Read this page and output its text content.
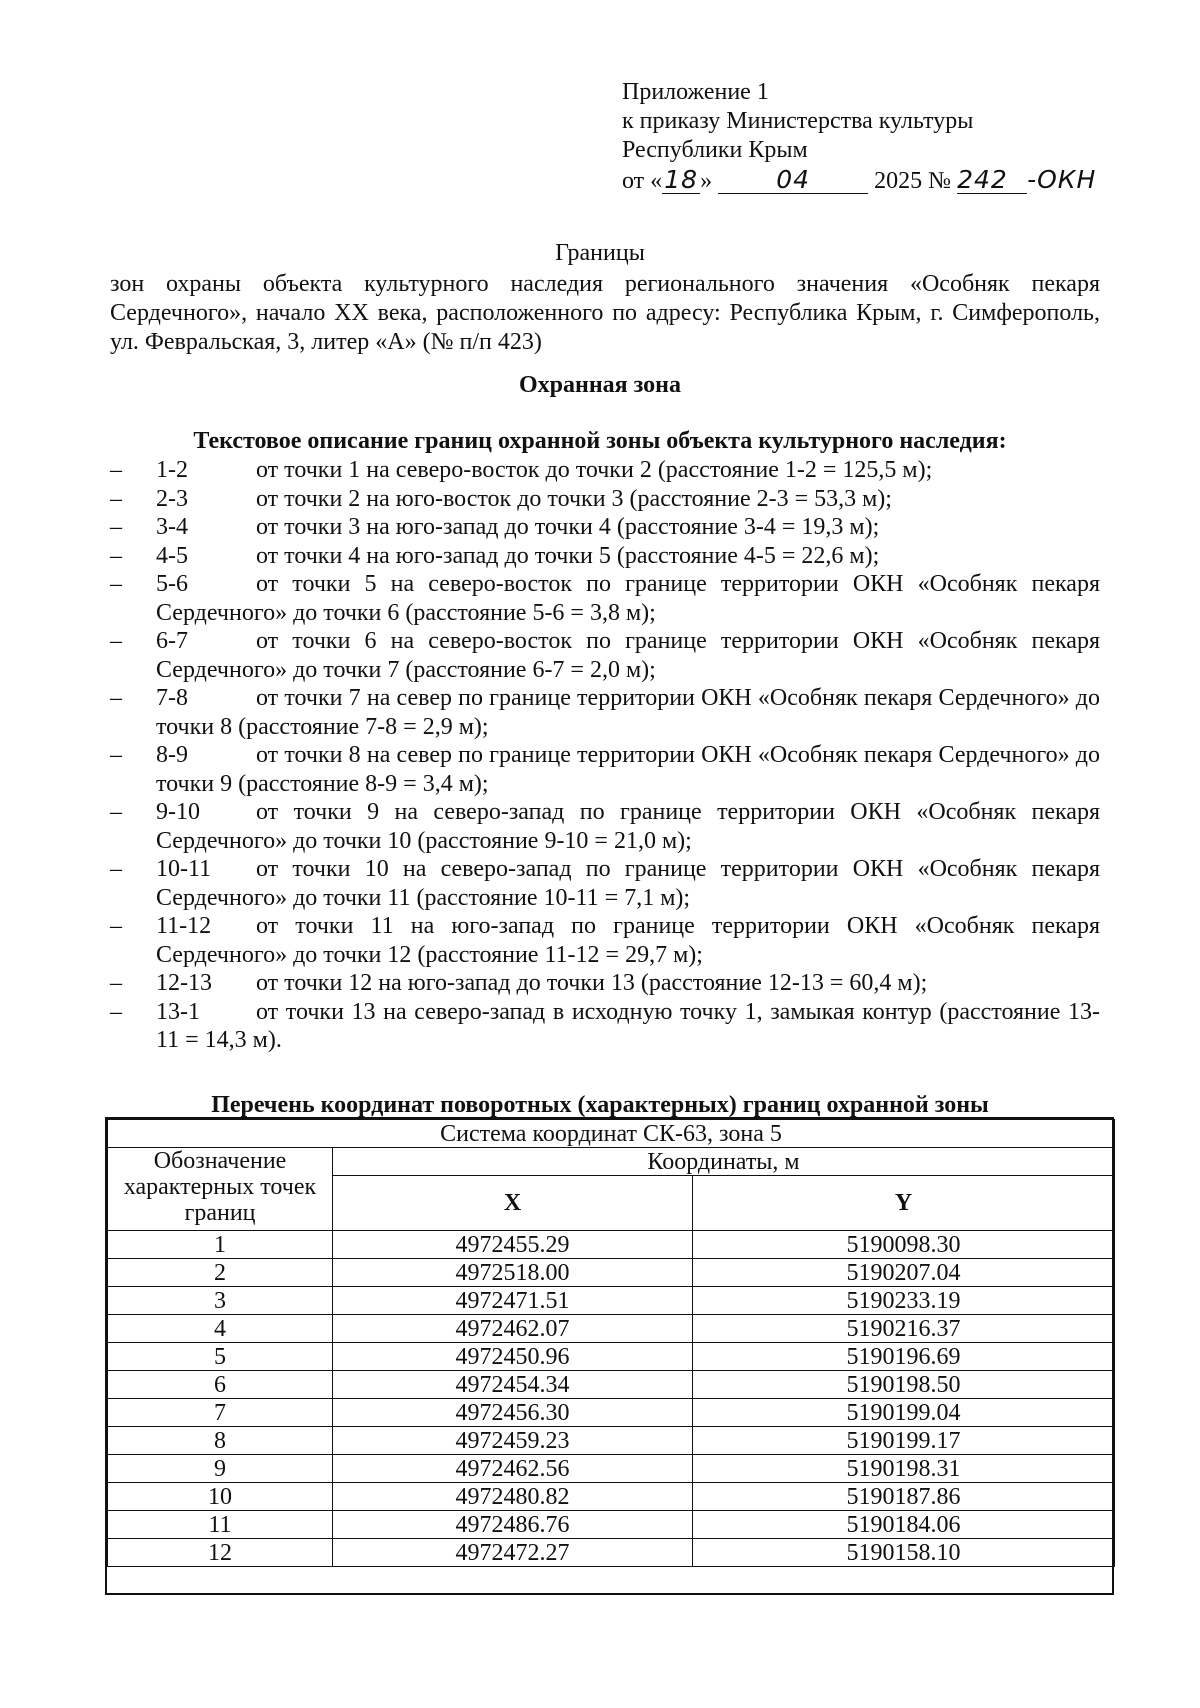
Приложение 1
к приказу Министерства культуры
Республики Крым
от «18»	04	2025 № 242 -ОКН
Границы
зон охраны объекта культурного наследия регионального значения «Особняк пекаря Сердечного», начало XX века, расположенного по адресу: Республика Крым, г. Симферополь, ул. Февральская, 3, литер «А» (№ п/п 423)
Охранная зона
Текстовое описание границ охранной зоны объекта культурного наследия:
– 1-2	от точки 1 на северо-восток до точки 2 (расстояние 1-2 = 125,5 м);
– 2-3	от точки 2 на юго-восток до точки 3 (расстояние 2-3 = 53,3 м);
– 3-4	от точки 3 на юго-запад до точки 4 (расстояние 3-4 = 19,3 м);
– 4-5	от точки 4 на юго-запад до точки 5 (расстояние 4-5 = 22,6 м);
– 5-6	от точки 5 на северо-восток по границе территории ОКН «Особняк пекаря Сердечного» до точки 6 (расстояние 5-6 = 3,8 м);
– 6-7	от точки 6 на северо-восток по границе территории ОКН «Особняк пекаря Сердечного» до точки 7 (расстояние 6-7 = 2,0 м);
– 7-8	от точки 7 на север по границе территории ОКН «Особняк пекаря Сердечного» до точки 8 (расстояние 7-8 = 2,9 м);
– 8-9	от точки 8 на север по границе территории ОКН «Особняк пекаря Сердечного» до точки 9 (расстояние 8-9 = 3,4 м);
– 9-10 от точки 9 на северо-запад по границе территории ОКН «Особняк пекаря Сердечного» до точки 10 (расстояние 9-10 = 21,0 м);
– 10-11 от точки 10 на северо-запад по границе территории ОКН «Особняк пекаря Сердечного» до точки 11 (расстояние 10-11 = 7,1 м);
– 11-12 от точки 11 на юго-запад по границе территории ОКН «Особняк пекаря Сердечного» до точки 12 (расстояние 11-12 = 29,7 м);
– 12-13 от точки 12 на юго-запад до точки 13 (расстояние 12-13 = 60,4 м);
– 13-1 от точки 13 на северо-запад в исходную точку 1, замыкая контур (расстояние 13-11 = 14,3 м).
Перечень координат поворотных (характерных) границ охранной зоны
Система координат СК-63, зона 5		
Обозначение характерных точек границ	Координаты, м	
	X	Y
1	4972455.29	5190098.30
2	4972518.00	5190207.04
3	4972471.51	5190233.19
4	4972462.07	5190216.37
5	4972450.96	5190196.69
6	4972454.34	5190198.50
7	4972456.30	5190199.04
8	4972459.23	5190199.17
9	4972462.56	5190198.31
10	4972480.82	5190187.86
11	4972486.76	5190184.06
12	4972472.27	5190158.10
